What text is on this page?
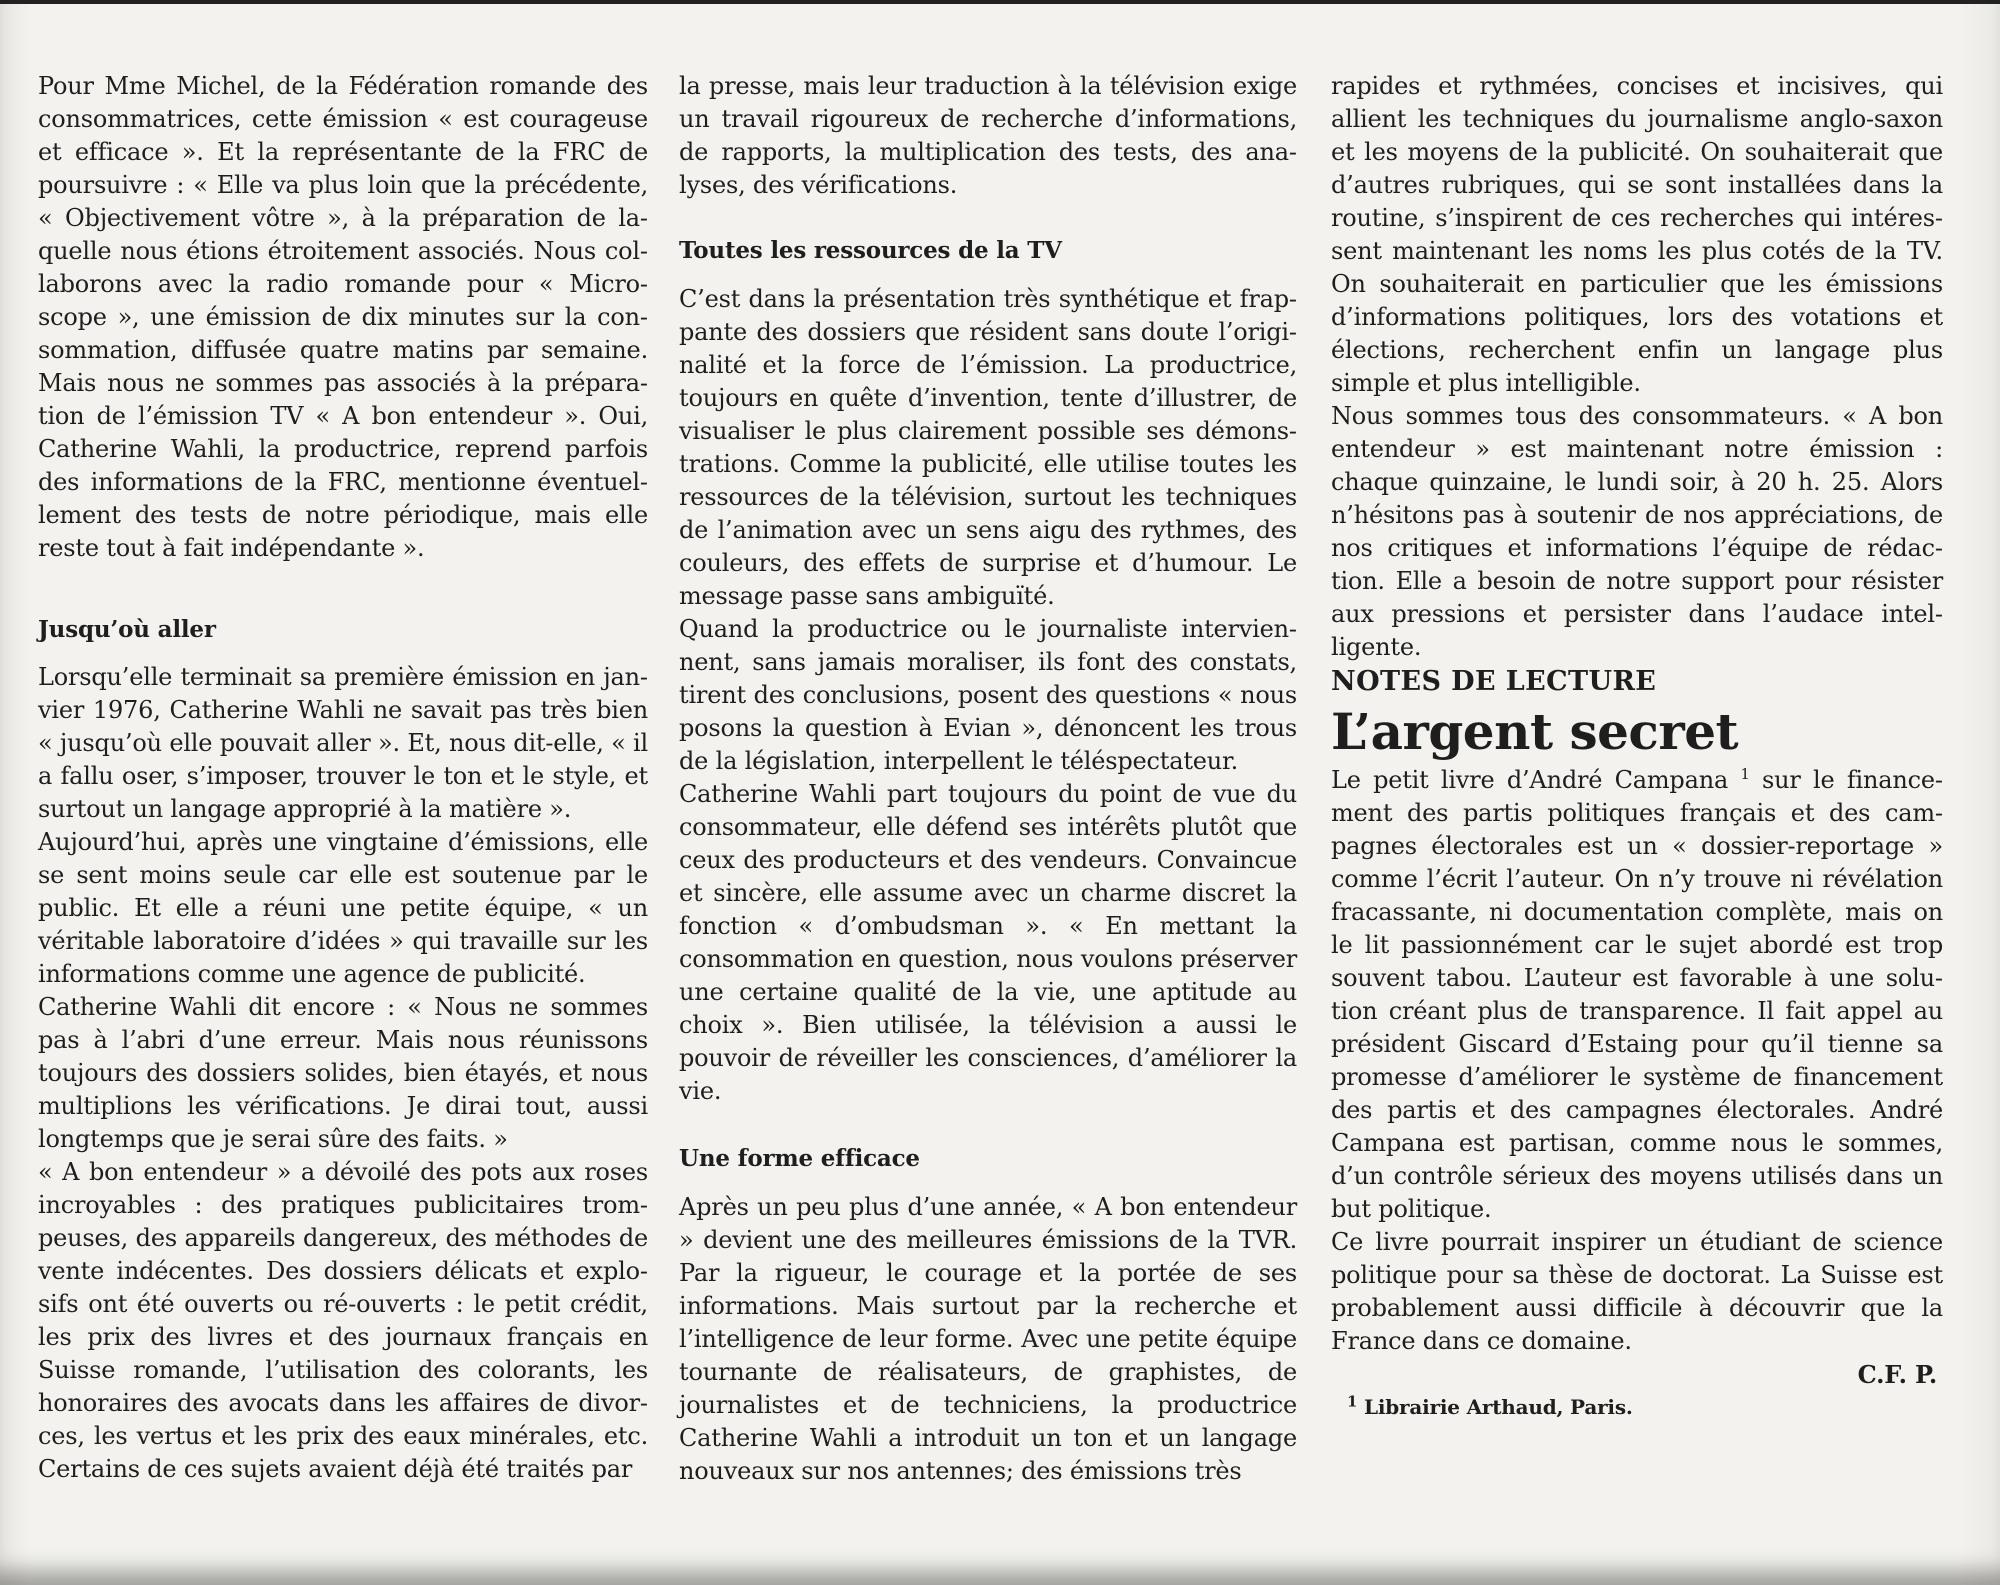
Pour Mme Michel, de la Fédération romande des consommatrices, cette émission « est courageuse et efficace ». Et la représentante de la FRC de poursuivre : « Elle va plus loin que la précédente, « Objectivement vôtre », à la préparation de laquelle nous étions étroitement associés. Nous collaborons avec la radio romande pour « Microscope », une émission de dix minutes sur la consommation, diffusée quatre matins par semaine. Mais nous ne sommes pas associés à la préparation de l’émission TV « A bon entendeur ». Oui, Catherine Wahli, la productrice, reprend parfois des informations de la FRC, mentionne éventuellement des tests de notre périodique, mais elle reste tout à fait indépendante ».

Jusqu’où aller

Lorsqu’elle terminait sa première émission en janvier 1976, Catherine Wahli ne savait pas très bien « jusqu’où elle pouvait aller ». Et, nous dit-elle, « il a fallu oser, s’imposer, trouver le ton et le style, et surtout un langage approprié à la matière ».

Aujourd’hui, après une vingtaine d’émissions, elle se sent moins seule car elle est soutenue par le public. Et elle a réuni une petite équipe, « un véritable laboratoire d’idées » qui travaille sur les informations comme une agence de publicité.

Catherine Wahli dit encore : « Nous ne sommes pas à l’abri d’une erreur. Mais nous réunissons toujours des dossiers solides, bien étayés, et nous multiplions les vérifications. Je dirai tout, aussi longtemps que je serai sûre des faits. »

« A bon entendeur » a dévoilé des pots aux roses incroyables : des pratiques publicitaires trompeuses, des appareils dangereux, des méthodes de vente indécentes. Des dossiers délicats et explosifs ont été ouverts ou ré-ouverts : le petit crédit, les prix des livres et des journaux français en Suisse romande, l’utilisation des colorants, les honoraires des avocats dans les affaires de divorces, les vertus et les prix des eaux minérales, etc. Certains de ces sujets avaient déjà été traités par

la presse, mais leur traduction à la télévision exige un travail rigoureux de recherche d’informations, de rapports, la multiplication des tests, des analyses, des vérifications.

Toutes les ressources de la TV

C’est dans la présentation très synthétique et frappante des dossiers que résident sans doute l’originalité et la force de l’émission. La productrice, toujours en quête d’invention, tente d’illustrer, de visualiser le plus clairement possible ses démonstrations. Comme la publicité, elle utilise toutes les ressources de la télévision, surtout les techniques de l’animation avec un sens aigu des rythmes, des couleurs, des effets de surprise et d’humour. Le message passe sans ambiguïté.

Quand la productrice ou le journaliste interviennent, sans jamais moraliser, ils font des constats, tirent des conclusions, posent des questions « nous posons la question à Evian », dénoncent les trous de la législation, interpellent le téléspectateur.

Catherine Wahli part toujours du point de vue du consommateur, elle défend ses intérêts plutôt que ceux des producteurs et des vendeurs. Convaincue et sincère, elle assume avec un charme discret la fonction « d’ombudsman ». « En mettant la consommation en question, nous voulons préserver une certaine qualité de la vie, une aptitude au choix ». Bien utilisée, la télévision a aussi le pouvoir de réveiller les consciences, d’améliorer la vie.

Une forme efficace

Après un peu plus d’une année, « A bon entendeur » devient une des meilleures émissions de la TVR. Par la rigueur, le courage et la portée de ses informations. Mais surtout par la recherche et l’intelligence de leur forme. Avec une petite équipe tournante de réalisateurs, de graphistes, de journalistes et de techniciens, la productrice Catherine Wahli a introduit un ton et un langage nouveaux sur nos antennes; des émissions très

rapides et rythmées, concises et incisives, qui allient les techniques du journalisme anglo-saxon et les moyens de la publicité. On souhaiterait que d’autres rubriques, qui se sont installées dans la routine, s’inspirent de ces recherches qui intéressent maintenant les noms les plus cotés de la TV. On souhaiterait en particulier que les émissions d’informations politiques, lors des votations et élections, recherchent enfin un langage plus simple et plus intelligible.

Nous sommes tous des consommateurs. « A bon entendeur » est maintenant notre émission : chaque quinzaine, le lundi soir, à 20 h. 25. Alors n’hésitons pas à soutenir de nos appréciations, de nos critiques et informations l’équipe de rédaction. Elle a besoin de notre support pour résister aux pressions et persister dans l’audace intelligente.

NOTES DE LECTURE

L’argent secret

Le petit livre d’André Campana $^1$ sur le financement des partis politiques français et des campagnes électorales est un « dossier-reportage » comme l’écrit l’auteur. On n’y trouve ni révélation fracassante, ni documentation complète, mais on le lit passionnément car le sujet abordé est trop souvent tabou. L’auteur est favorable à une solution créant plus de transparence. Il fait appel au président Giscard d’Estaing pour qu’il tienne sa promesse d’améliorer le système de financement des partis et des campagnes électorales. André Campana est partisan, comme nous le sommes, d’un contrôle sérieux des moyens utilisés dans un but politique.

Ce livre pourrait inspirer un étudiant de science politique pour sa thèse de doctorat. La Suisse est probablement aussi difficile à découvrir que la France dans ce domaine.

C.F. P.

$^1$ Librairie Arthaud, Paris.
